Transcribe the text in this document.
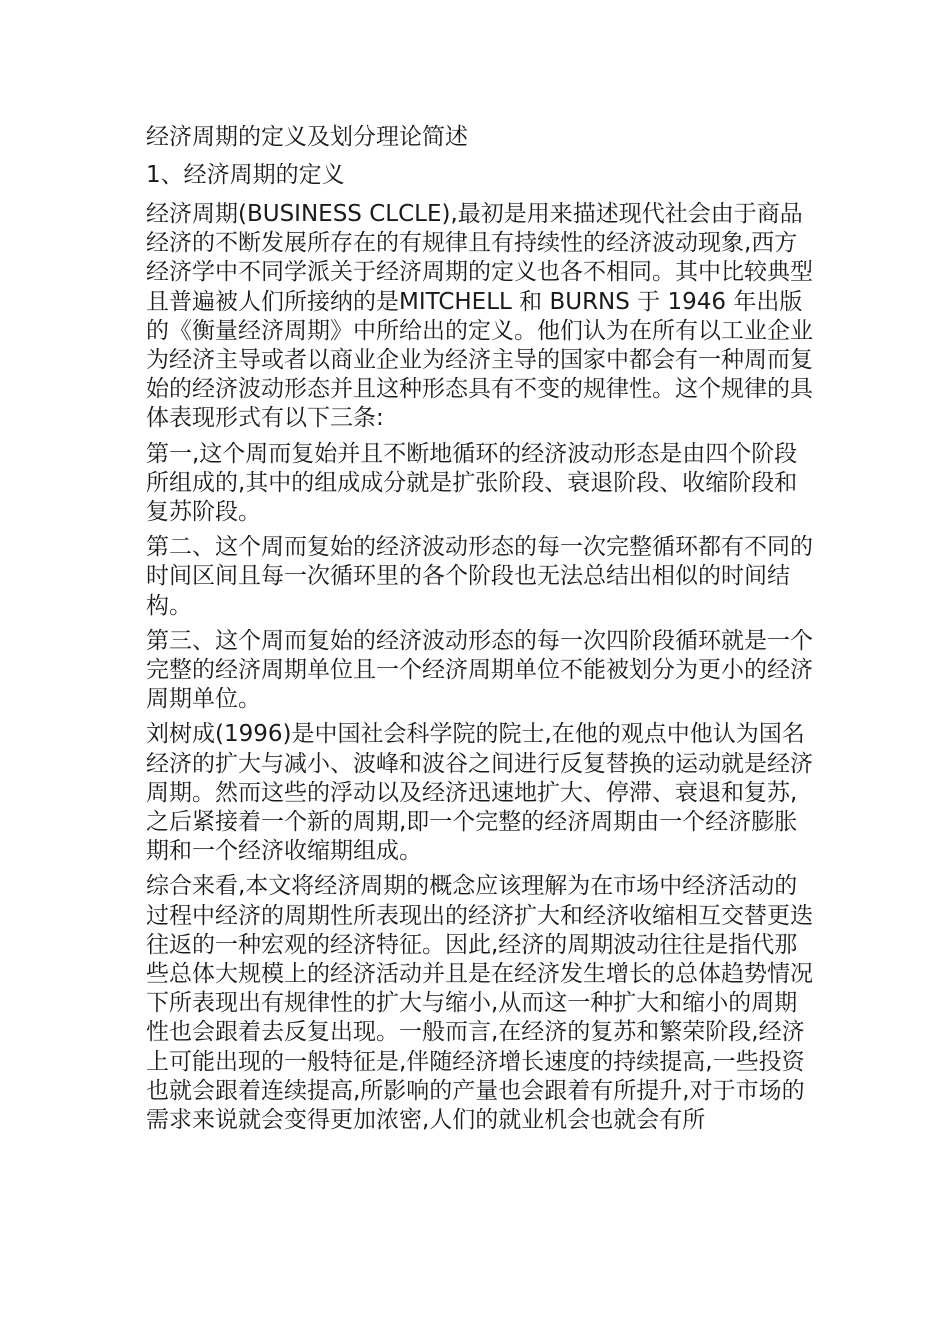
经济周期的定义及划分理论简述
1、经济周期的定义

经济周期(BUSINESS CLCLE),最初是用来描述现代社会由于商品经济的不断发展所存在的有规律且有持续性的经济波动现象,西方经济学中不同学派关于经济周期的定义也各不相同。其中比较典型且普遍被人们所接纳的是MITCHELL 和 BURNS 于 1946 年出版的《衡量经济周期》中所给出的定义。他们认为在所有以工业企业为经济主导或者以商业企业为经济主导的国家中都会有一种周而复始的经济波动形态并且这种形态具有不变的规律性。这个规律的具体表现形式有以下三条:

第一,这个周而复始并且不断地循环的经济波动形态是由四个阶段所组成的,其中的组成成分就是扩张阶段、衰退阶段、收缩阶段和复苏阶段。

第二、这个周而复始的经济波动形态的每一次完整循环都有不同的时间区间且每一次循环里的各个阶段也无法总结出相似的时间结构。

第三、这个周而复始的经济波动形态的每一次四阶段循环就是一个完整的经济周期单位且一个经济周期单位不能被划分为更小的经济周期单位。

刘树成(1996)是中国社会科学院的院士,在他的观点中他认为国名经济的扩大与减小、波峰和波谷之间进行反复替换的运动就是经济周期。然而这些的浮动以及经济迅速地扩大、停滞、衰退和复苏,之后紧接着一个新的周期,即一个完整的经济周期由一个经济膨胀期和一个经济收缩期组成。

综合来看,本文将经济周期的概念应该理解为在市场中经济活动的过程中经济的周期性所表现出的经济扩大和经济收缩相互交替更迭往返的一种宏观的经济特征。因此,经济的周期波动往往是指代那些总体大规模上的经济活动并且是在经济发生增长的总体趋势情况下所表现出有规律性的扩大与缩小,从而这一种扩大和缩小的周期性也会跟着去反复出现。一般而言,在经济的复苏和繁荣阶段,经济上可能出现的一般特征是,伴随经济增长速度的持续提高,一些投资也就会跟着连续提高,所影响的产量也会跟着有所提升,对于市场的需求来说就会变得更加浓密,人们的就业机会也就会有所
